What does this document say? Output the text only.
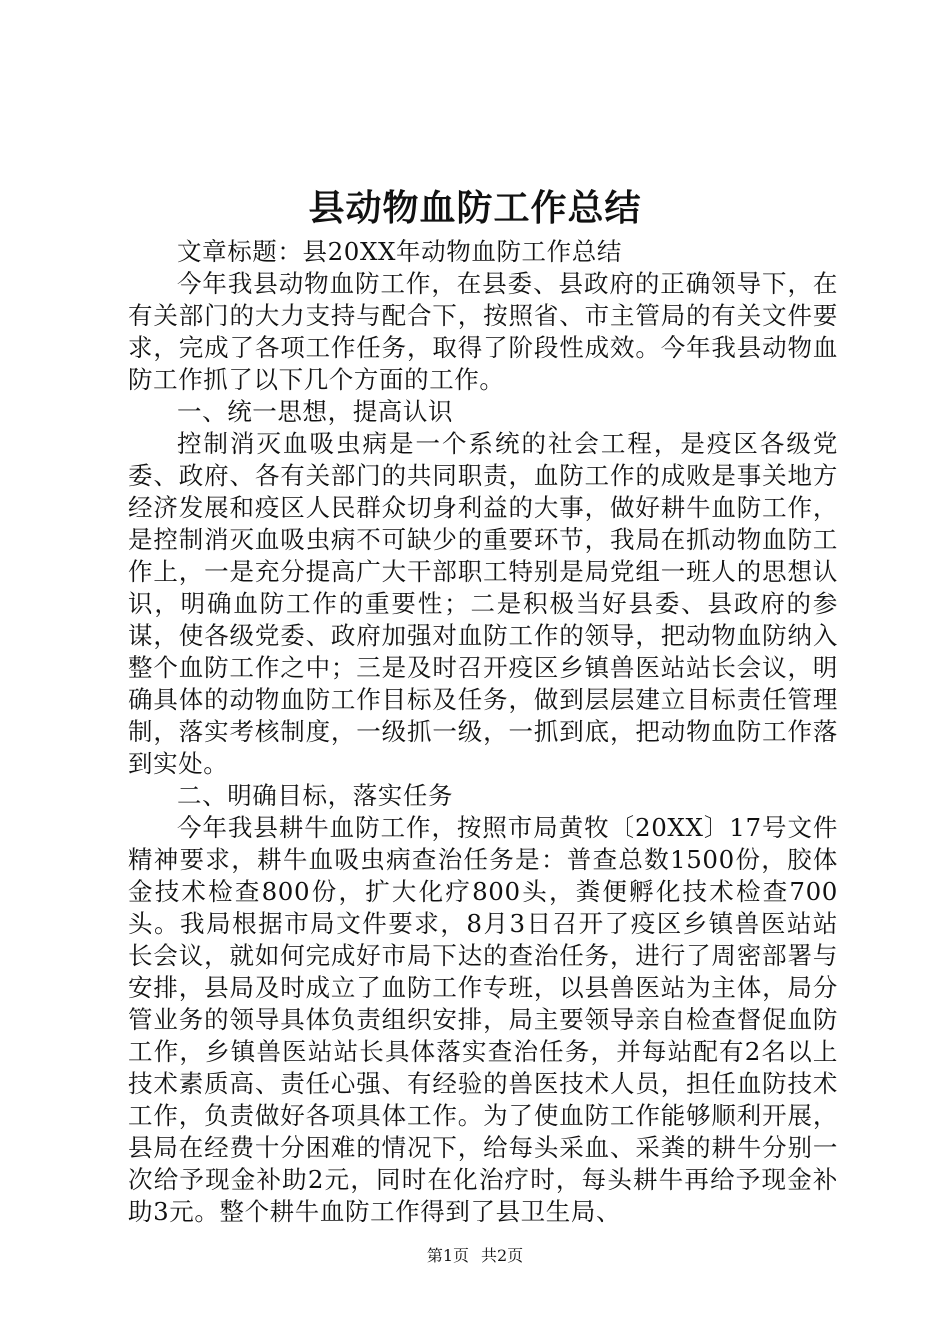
县动物血防工作总结

文章标题：县20XX年动物血防工作总结

今年我县动物血防工作，在县委、县政府的正确领导下，在有关部门的大力支持与配合下，按照省、市主管局的有关文件要求，完成了各项工作任务，取得了阶段性成效。今年我县动物血防工作抓了以下几个方面的工作。

一、统一思想，提高认识

控制消灭血吸虫病是一个系统的社会工程，是疫区各级党委、政府、各有关部门的共同职责，血防工作的成败是事关地方经济发展和疫区人民群众切身利益的大事，做好耕牛血防工作，是控制消灭血吸虫病不可缺少的重要环节，我局在抓动物血防工作上，一是充分提高广大干部职工特别是局党组一班人的思想认识，明确血防工作的重要性；二是积极当好县委、县政府的参谋，使各级党委、政府加强对血防工作的领导，把动物血防纳入整个血防工作之中；三是及时召开疫区乡镇兽医站站长会议，明确具体的动物血防工作目标及任务，做到层层建立目标责任管理制，落实考核制度，一级抓一级，一抓到底，把动物血防工作落到实处。

二、明确目标，落实任务

今年我县耕牛血防工作，按照市局黄牧〔20XX〕17号文件精神要求，耕牛血吸虫病查治任务是：普查总数1500份，胶体金技术检查800份，扩大化疗800头，粪便孵化技术检查700头。我局根据市局文件要求，8月3日召开了疫区乡镇兽医站站长会议，就如何完成好市局下达的查治任务，进行了周密部署与安排，县局及时成立了血防工作专班，以县兽医站为主体，局分管业务的领导具体负责组织安排，局主要领导亲自检查督促血防工作，乡镇兽医站站长具体落实查治任务，并每站配有2名以上技术素质高、责任心强、有经验的兽医技术人员，担任血防技术工作，负责做好各项具体工作。为了使血防工作能够顺利开展，县局在经费十分困难的情况下，给每头采血、采粪的耕牛分别一次给予现金补助2元，同时在化治疗时，每头耕牛再给予现金补助3元。整个耕牛血防工作得到了县卫生局、

第1页 共2页
